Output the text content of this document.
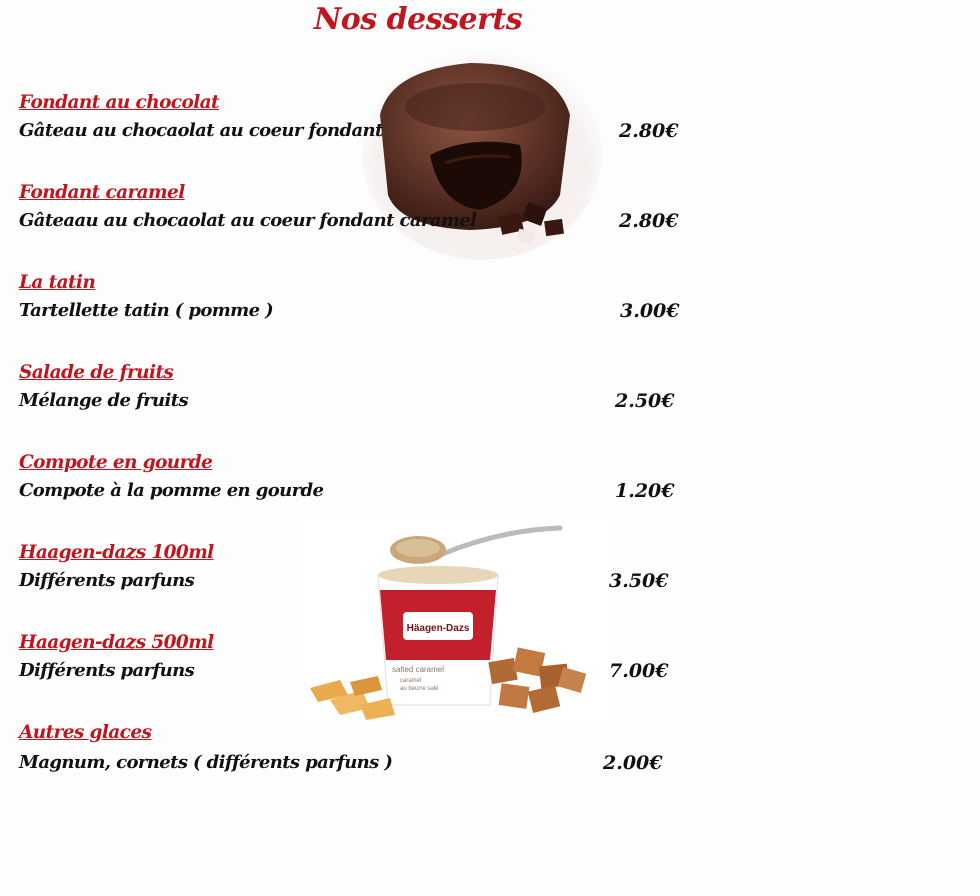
Nos desserts
Häagen-Dazs
salted caramel
caramel
au beurre salé
Fondant au chocolat
Gâteau au chocaolat au coeur fondant	2.80€
Fondant caramel
Gâteaau au chocaolat au coeur fondant caramel	2.80€
La tatin
Tartellette tatin ( pomme )	3.00€
Salade de fruits
Mélange de fruits	2.50€
Compote en gourde
Compote à la pomme en gourde	1.20€
Haagen-dazs 100ml
Différents parfuns	3.50€
Haagen-dazs 500ml
Différents parfuns	7.00€
Autres glaces
Magnum, cornets ( différents parfuns )	2.00€
